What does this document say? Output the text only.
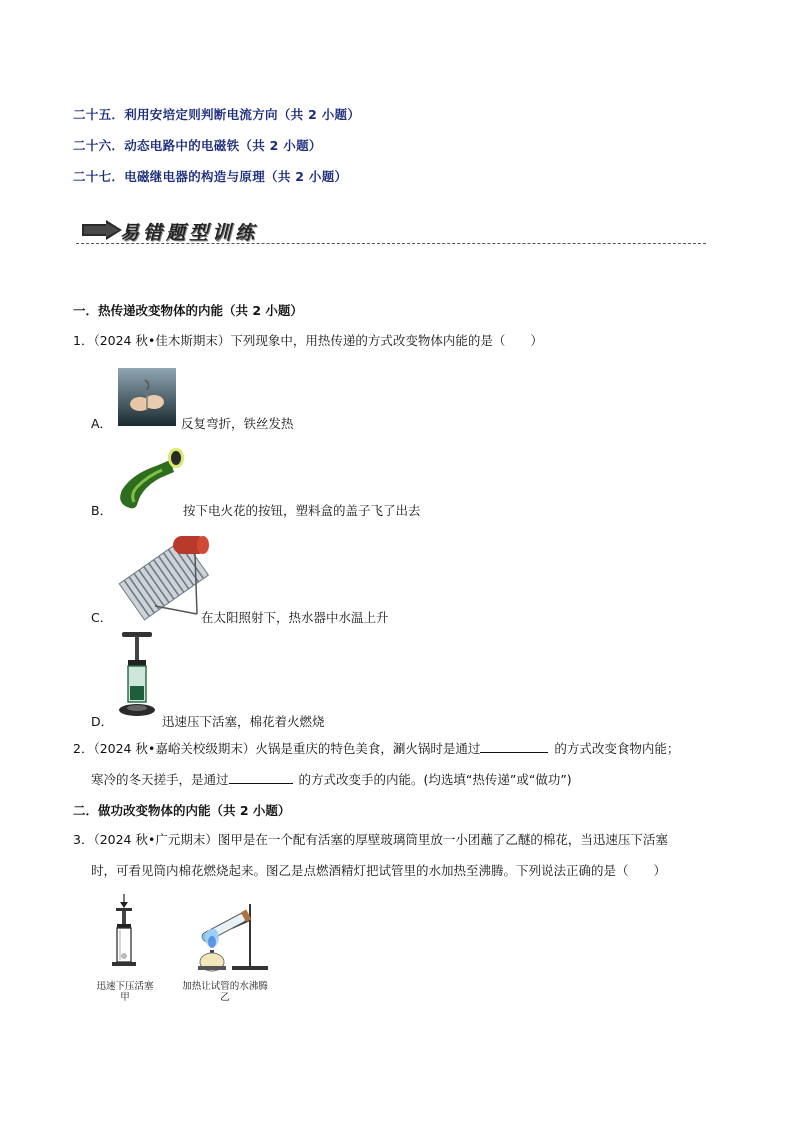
二十五．利用安培定则判断电流方向（共 2 小题）
二十六．动态电路中的电磁铁（共 2 小题）
二十七．电磁继电器的构造与原理（共 2 小题）
易错题型训练
一．热传递改变物体的内能（共 2 小题）
1．（2024 秋•佳木斯期末）下列现象中，用热传递的方式改变物体内能的是（　　）
A．	反复弯折，铁丝发热
B．	按下电火花的按钮，塑料盒的盖子飞了出去
C．	在太阳照射下，热水器中水温上升
D．	迅速压下活塞，棉花着火燃烧
2．（2024 秋•嘉峪关校级期末）火锅是重庆的特色美食，涮火锅时是通过	的方式改变食物内能；
寒冷的冬天搓手，是通过	的方式改变手的内能。(均选填“热传递”或“做功”)
二．做功改变物体的内能（共 2 小题）
3．（2024 秋•广元期末）图甲是在一个配有活塞的厚壁玻璃筒里放一小团蘸了乙醚的棉花，当迅速压下活塞
时，可看见筒内棉花燃烧起来。图乙是点燃酒精灯把试管里的水加热至沸腾。下列说法正确的是（　　）
迅速下压活塞
甲
加热让试管的水沸腾
乙
